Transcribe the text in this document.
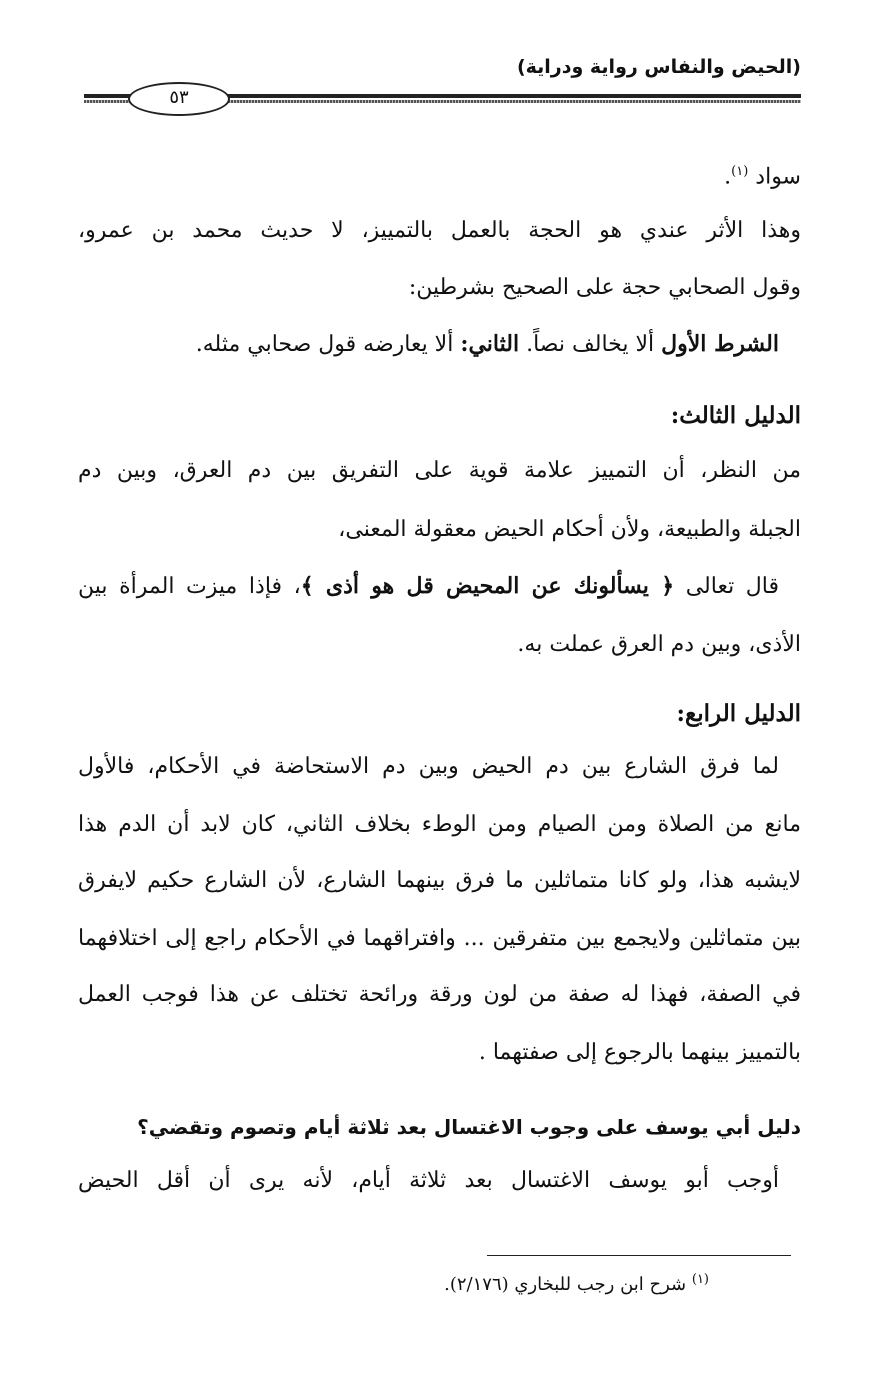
(الحيض والنفاس رواية ودراية)
٥٣
سواد $^{(١)}$.
وهذا الأثر عندي هو الحجة بالعمل بالتمييز، لا حديث محمد بن عمرو،
وقول الصحابي حجة على الصحيح بشرطين:
الشرط الأول ألا يخالف نصاً. الثاني: ألا يعارضه قول صحابي مثله.
الدليل الثالث:
من النظر، أن التمييز علامة قوية على التفريق بين دم العرق، وبين دم
الجبلة والطبيعة، ولأن أحكام الحيض معقولة المعنى،
قال تعالى ﴿ يسألونك عن المحيض قل هو أذى ﴾، فإذا ميزت المرأة بين
الأذى، وبين دم العرق عملت به.
الدليل الرابع:
لما فرق الشارع بين دم الحيض وبين دم الاستحاضة في الأحكام، فالأول
مانع من الصلاة ومن الصيام ومن الوطء بخلاف الثاني، كان لابد أن الدم هذا
لايشبه هذا، ولو كانا متماثلين ما فرق بينهما الشارع، لأن الشارع حكيم لايفرق
بين متماثلين ولايجمع بين متفرقين ... وافتراقهما في الأحكام راجع إلى اختلافهما
في الصفة، فهذا له صفة من لون ورقة ورائحة تختلف عن هذا فوجب العمل
بالتمييز بينهما بالرجوع إلى صفتهما .
دليل أبي يوسف على وجوب الاغتسال بعد ثلاثة أيام وتصوم وتقضي؟
أوجب أبو يوسف الاغتسال بعد ثلاثة أيام، لأنه يرى أن أقل الحيض
$^{(١)}$ شرح ابن رجب للبخاري (٢/١٧٦).
